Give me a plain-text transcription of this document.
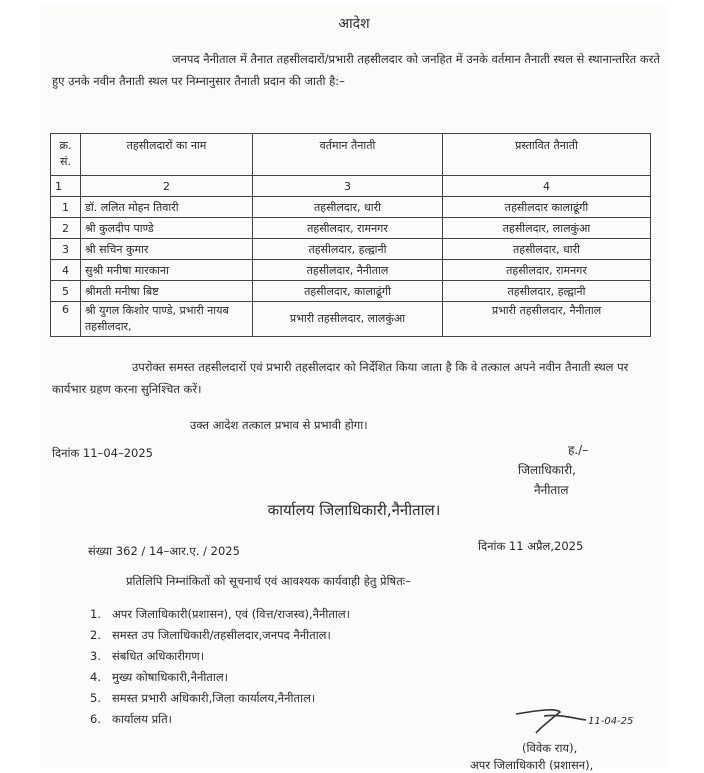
आदेश
जनपद नैनीताल में तैनात तहसीलदारों/प्रभारी तहसीलदार को जनहित में उनके वर्तमान तैनाती स्थल से स्थानान्तरित करते हुए उनके नवीन तैनाती स्थल पर निम्नानुसार तैनाती प्रदान की जाती है:–
क्र. सं.	तहसीलदारों का नाम	वर्तमान तैनाती	प्रस्तावित तैनाती
1	2	3	4
1	डॉ. ललित मोहन तिवारी	तहसीलदार, धारी	तहसीलदार कालाढूंगी
2	श्री कुलदीप पाण्डे	तहसीलदार, रामनगर	तहसीलदार, लालकुंआ
3	श्री सचिन कुमार	तहसीलदार, हल्द्वानी	तहसीलदार, धारी
4	सुश्री मनीषा मारकाना	तहसीलदार, नैनीताल	तहसीलदार, रामनगर
5	श्रीमती मनीषा बिष्ट	तहसीलदार, कालाढूंगी	तहसीलदार, हल्द्वानी
6	श्री युगल किशोर पाण्डे, प्रभारी नायब तहसीलदार,	प्रभारी तहसीलदार, लालकुंआ	प्रभारी तहसीलदार, नैनीताल
उपरोक्त समस्त तहसीलदारों एवं प्रभारी तहसीलदार को निर्देशित किया जाता है कि वे तत्काल अपने नवीन तैनाती स्थल पर कार्यभार ग्रहण करना सुनिश्चित करें।
उक्त आदेश तत्काल प्रभाव से प्रभावी होगा।
दिनांक 11–04–2025	ह./–
जिलाधिकारी,
नैनीताल
कार्यालय जिलाधिकारी,नैनीताल।
संख्या 362 / 14–आर.ए. / 2025	दिनांक 11 अप्रैल,2025
प्रतिलिपि निम्नांकितों को सूचनार्थ एवं आवश्यक कार्यवाही हेतु प्रेषितः–
1. अपर जिलाधिकारी(प्रशासन), एवं (वित्त/राजस्व),नैनीताल।
2. समस्त उप जिलाधिकारी/तहसीलदार,जनपद नैनीताल।
3. संबधित अधिकारीगण।
4. मुख्य कोषाधिकारी,नैनीताल।
5. समस्त प्रभारी अधिकारी,जिला कार्यालय,नैनीताल।
6. कार्यालय प्रति।	11-04-25
(विवेक राय),
अपर जिलाधिकारी (प्रशासन),
